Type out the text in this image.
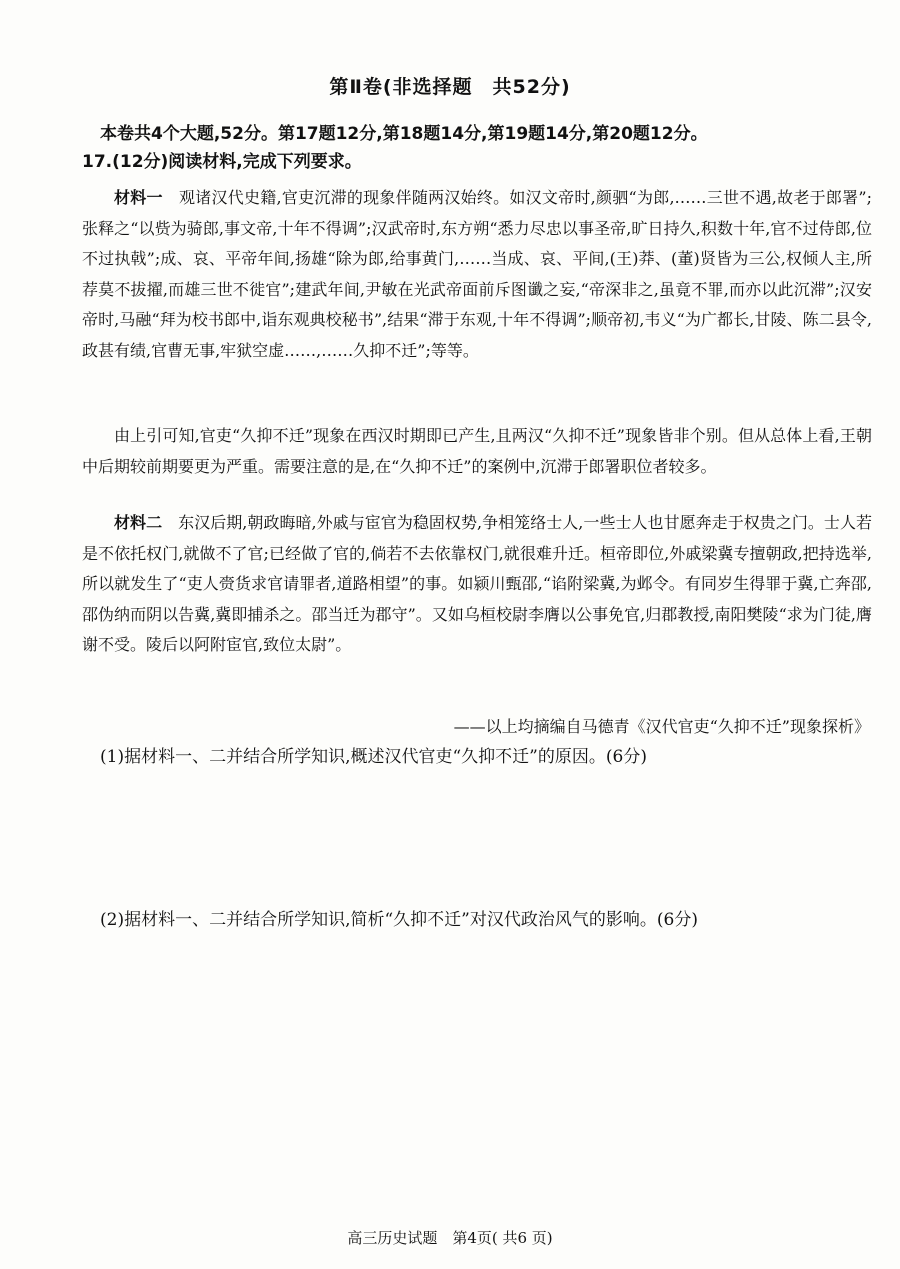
第Ⅱ卷(非选择题　共52分)
本卷共4个大题,52分。第17题12分,第18题14分,第19题14分,第20题12分。
17.(12分)阅读材料,完成下列要求。

材料一　 观诸汉代史籍,官吏沉滞的现象伴随两汉始终。如汉文帝时,颜驷“为郎,……三世不遇,故老于郎署”;张释之“以赀为骑郎,事文帝,十年不得调”;汉武帝时,东方朔“悉力尽忠以事圣帝,旷日持久,积数十年,官不过侍郎,位不过执戟”;成、哀、平帝年间,扬雄“除为郎,给事黄门,……当成、哀、平间,(王)莽、(董)贤皆为三公,权倾人主,所荐莫不拔擢,而雄三世不徙官”;建武年间,尹敏在光武帝面前斥图谶之妄,“帝深非之,虽竟不罪,而亦以此沉滞”;汉安帝时,马融“拜为校书郎中,诣东观典校秘书”,结果“滞于东观,十年不得调”;顺帝初,韦义“为广都长,甘陵、陈二县令,政甚有绩,官曹无事,牢狱空虚……,……久抑不迁”;等等。

由上引可知,官吏“久抑不迁”现象在西汉时期即已产生,且两汉“久抑不迁”现象皆非个别。但从总体上看,王朝中后期较前期要更为严重。需要注意的是,在“久抑不迁”的案例中,沉滞于郎署职位者较多。

材料二　 东汉后期,朝政晦暗,外戚与宦官为稳固权势,争相笼络士人,一些士人也甘愿奔走于权贵之门。士人若是不依托权门,就做不了官;已经做了官的,倘若不去依靠权门,就很难升迁。桓帝即位,外戚梁冀专擅朝政,把持选举,所以就发生了“吏人赍货求官请罪者,道路相望”的事。如颍川甄邵,“谄附梁冀,为邺令。有同岁生得罪于冀,亡奔邵,邵伪纳而阴以告冀,冀即捕杀之。邵当迁为郡守”。又如乌桓校尉李膺以公事免官,归郡教授,南阳樊陵“求为门徒,膺谢不受。陵后以阿附宦官,致位太尉”。

——以上均摘编自马德青《汉代官吏“久抑不迁”现象探析》
(1)据材料一、二并结合所学知识,概述汉代官吏“久抑不迁”的原因。(6分)
(2)据材料一、二并结合所学知识,简析“久抑不迁”对汉代政治风气的影响。(6分)
高三历史试题　第4页( 共6 页)
